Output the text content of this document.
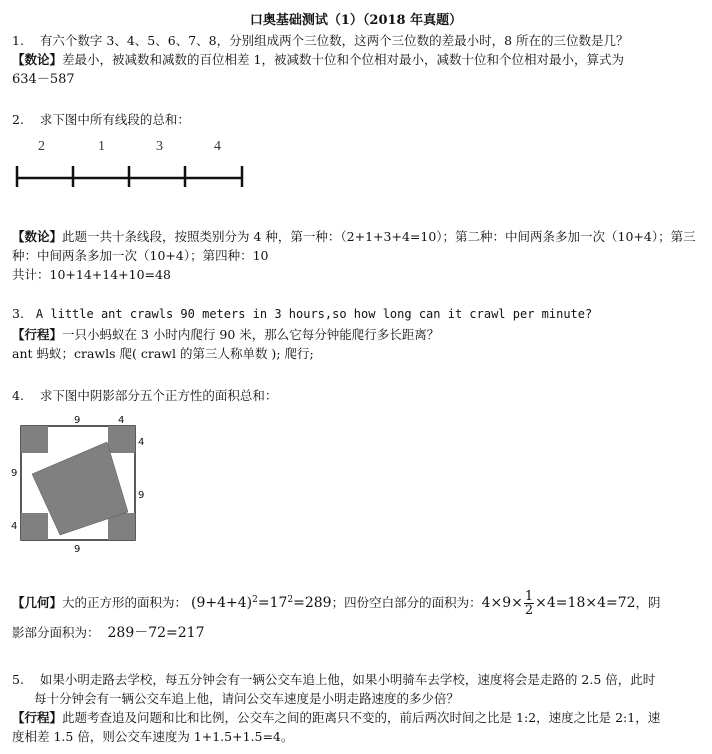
口奥基础测试（1）（2018 年真题）
1. 有六个数字 3、4、5、6、7、8，分别组成两个三位数，这两个三位数的差最小时，8 所在的三位数是几？
【数论】差最小，被减数和减数的百位相差 1，被减数十位和个位相对最小，减数十位和个位相对最小，算式为
634－587
2. 求下图中所有线段的总和：
2	1	3	4
【数论】此题一共十条线段，按照类别分为 4 种，第一种：（2+1+3+4=10）；第二种：中间两条多加一次（10+4）；第三
种：中间两条多加一次（10+4）；第四种：10
共计：10+14+14+10=48
3. A little ant crawls 90 meters in 3 hours,so how long can it crawl per minute?
【行程】一只小蚂蚁在 3 小时内爬行 90 米，那么它每分钟能爬行多长距离？
ant 蚂蚁；crawls 爬( crawl 的第三人称单数 ); 爬行;
4. 求下图中阴影部分五个正方性的面积总和：
9	4
4
9
4
9
9
【几何】大的正方形的面积为： $(9+4+4)^2=17^2=289$；四份空白部分的面积为：$4\times 9\times \frac{1}{2} \times 4=18\times 4=72$，阴
影部分面积为： 289－72=217
5. 如果小明走路去学校，每五分钟会有一辆公交车追上他，如果小明骑车去学校，速度将会是走路的 2.5 倍，此时
每十分钟会有一辆公交车追上他，请问公交车速度是小明走路速度的多少倍？
【行程】此题考查追及问题和比和比例，公交车之间的距离只不变的，前后两次时间之比是 1:2，速度之比是 2:1，速
度相差 1.5 倍，则公交车速度为 1+1.5+1.5=4。
